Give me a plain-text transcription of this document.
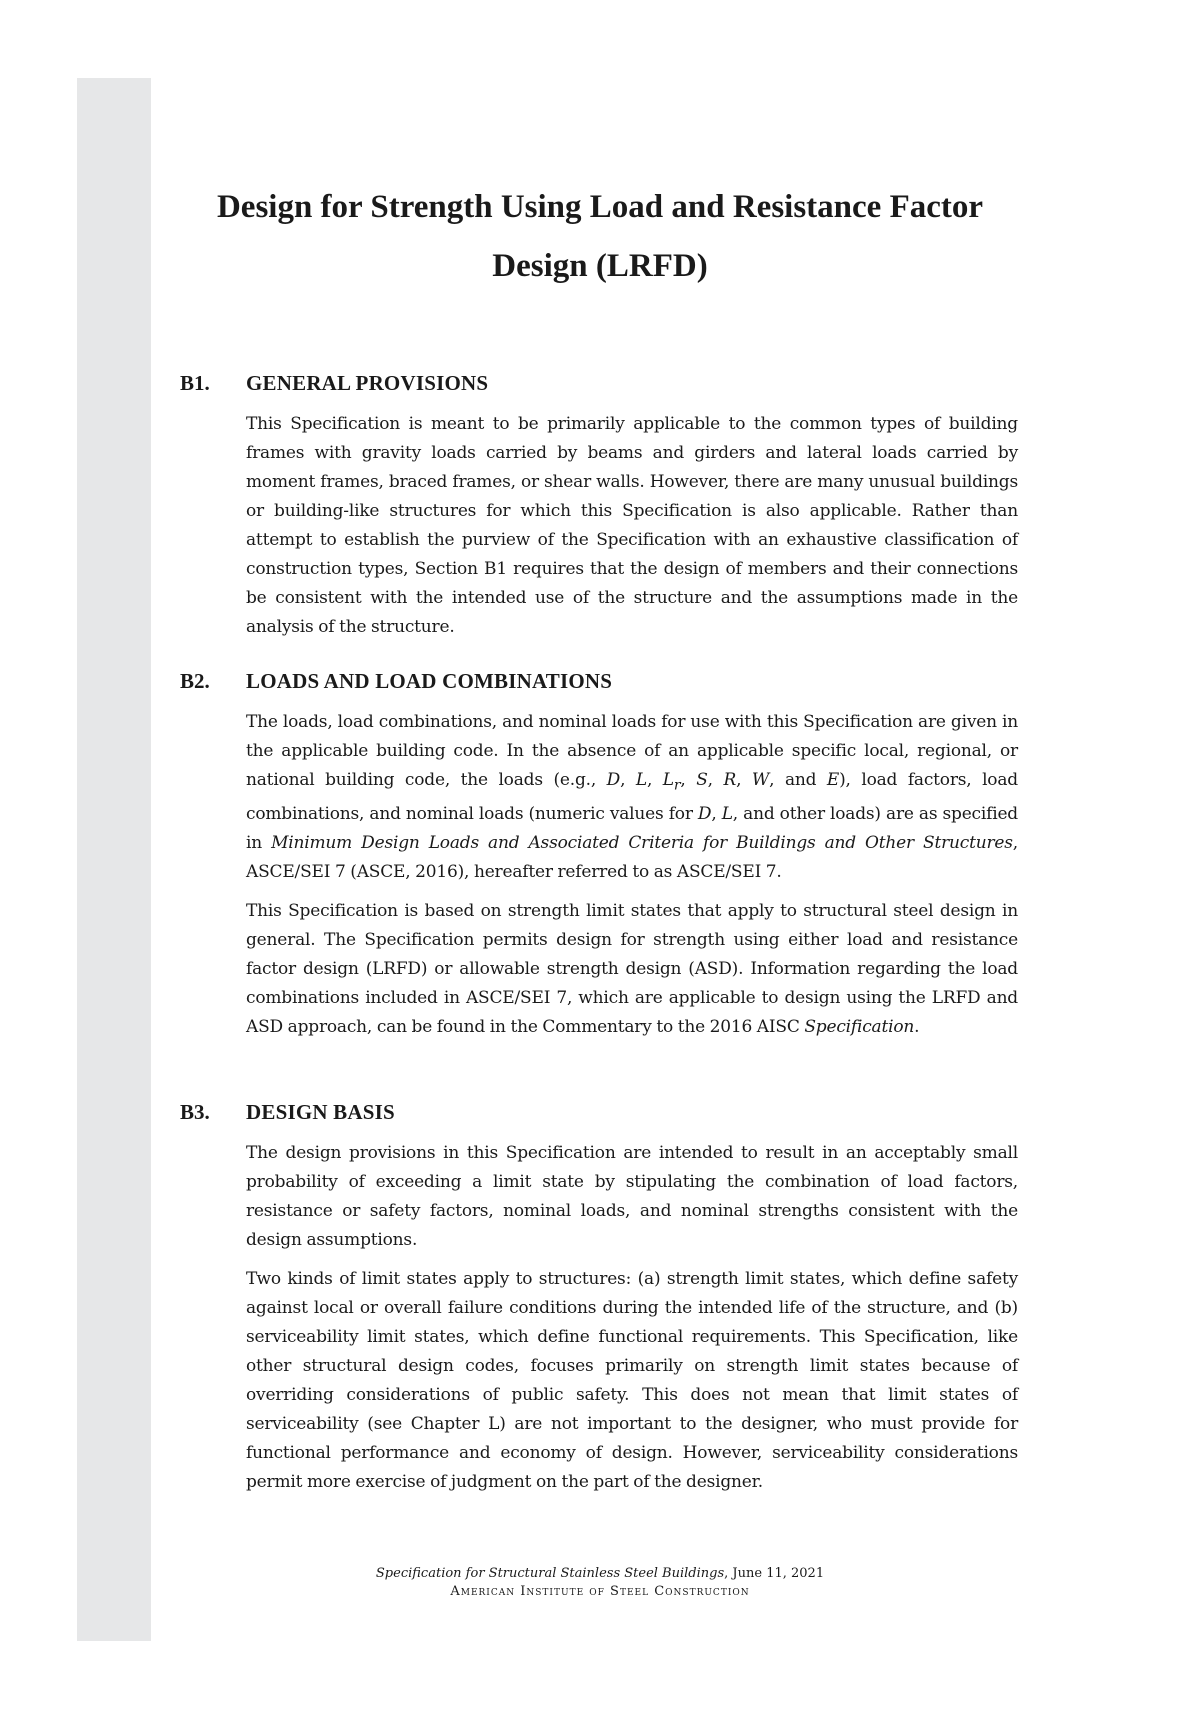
Design for Strength Using Load and Resistance Factor Design (LRFD)
B1. GENERAL PROVISIONS

This Specification is meant to be primarily applicable to the common types of building frames with gravity loads carried by beams and girders and lateral loads carried by moment frames, braced frames, or shear walls. However, there are many unusual buildings or building-like structures for which this Specification is also applicable. Rather than attempt to establish the purview of the Specification with an exhaustive classification of construction types, Section B1 requires that the design of members and their connections be consistent with the intended use of the structure and the assumptions made in the analysis of the structure.

B2. LOADS AND LOAD COMBINATIONS

The loads, load combinations, and nominal loads for use with this Specification are given in the applicable building code. In the absence of an applicable specific local, regional, or national building code, the loads (e.g., D, L, $L_r$, S, R, W, and E), load factors, load combinations, and nominal loads (numeric values for D, L, and other loads) are as specified in Minimum Design Loads and Associated Criteria for Buildings and Other Structures, ASCE/SEI 7 (ASCE, 2016), hereafter referred to as ASCE/SEI 7.

This Specification is based on strength limit states that apply to structural steel design in general. The Specification permits design for strength using either load and resistance factor design (LRFD) or allowable strength design (ASD). Information regarding the load combinations included in ASCE/SEI 7, which are applicable to design using the LRFD and ASD approach, can be found in the Commentary to the 2016 AISC Specification.

B3. DESIGN BASIS

The design provisions in this Specification are intended to result in an acceptably small probability of exceeding a limit state by stipulating the combination of load factors, resistance or safety factors, nominal loads, and nominal strengths consistent with the design assumptions.

Two kinds of limit states apply to structures: (a) strength limit states, which define safety against local or overall failure conditions during the intended life of the structure, and (b) serviceability limit states, which define functional requirements. This Specification, like other structural design codes, focuses primarily on strength limit states because of overriding considerations of public safety. This does not mean that limit states of serviceability (see Chapter L) are not important to the designer, who must provide for functional performance and economy of design. However, serviceability considerations permit more exercise of judgment on the part of the designer.

Specification for Structural Stainless Steel Buildings, June 11, 2021
American Institute of Steel Construction
